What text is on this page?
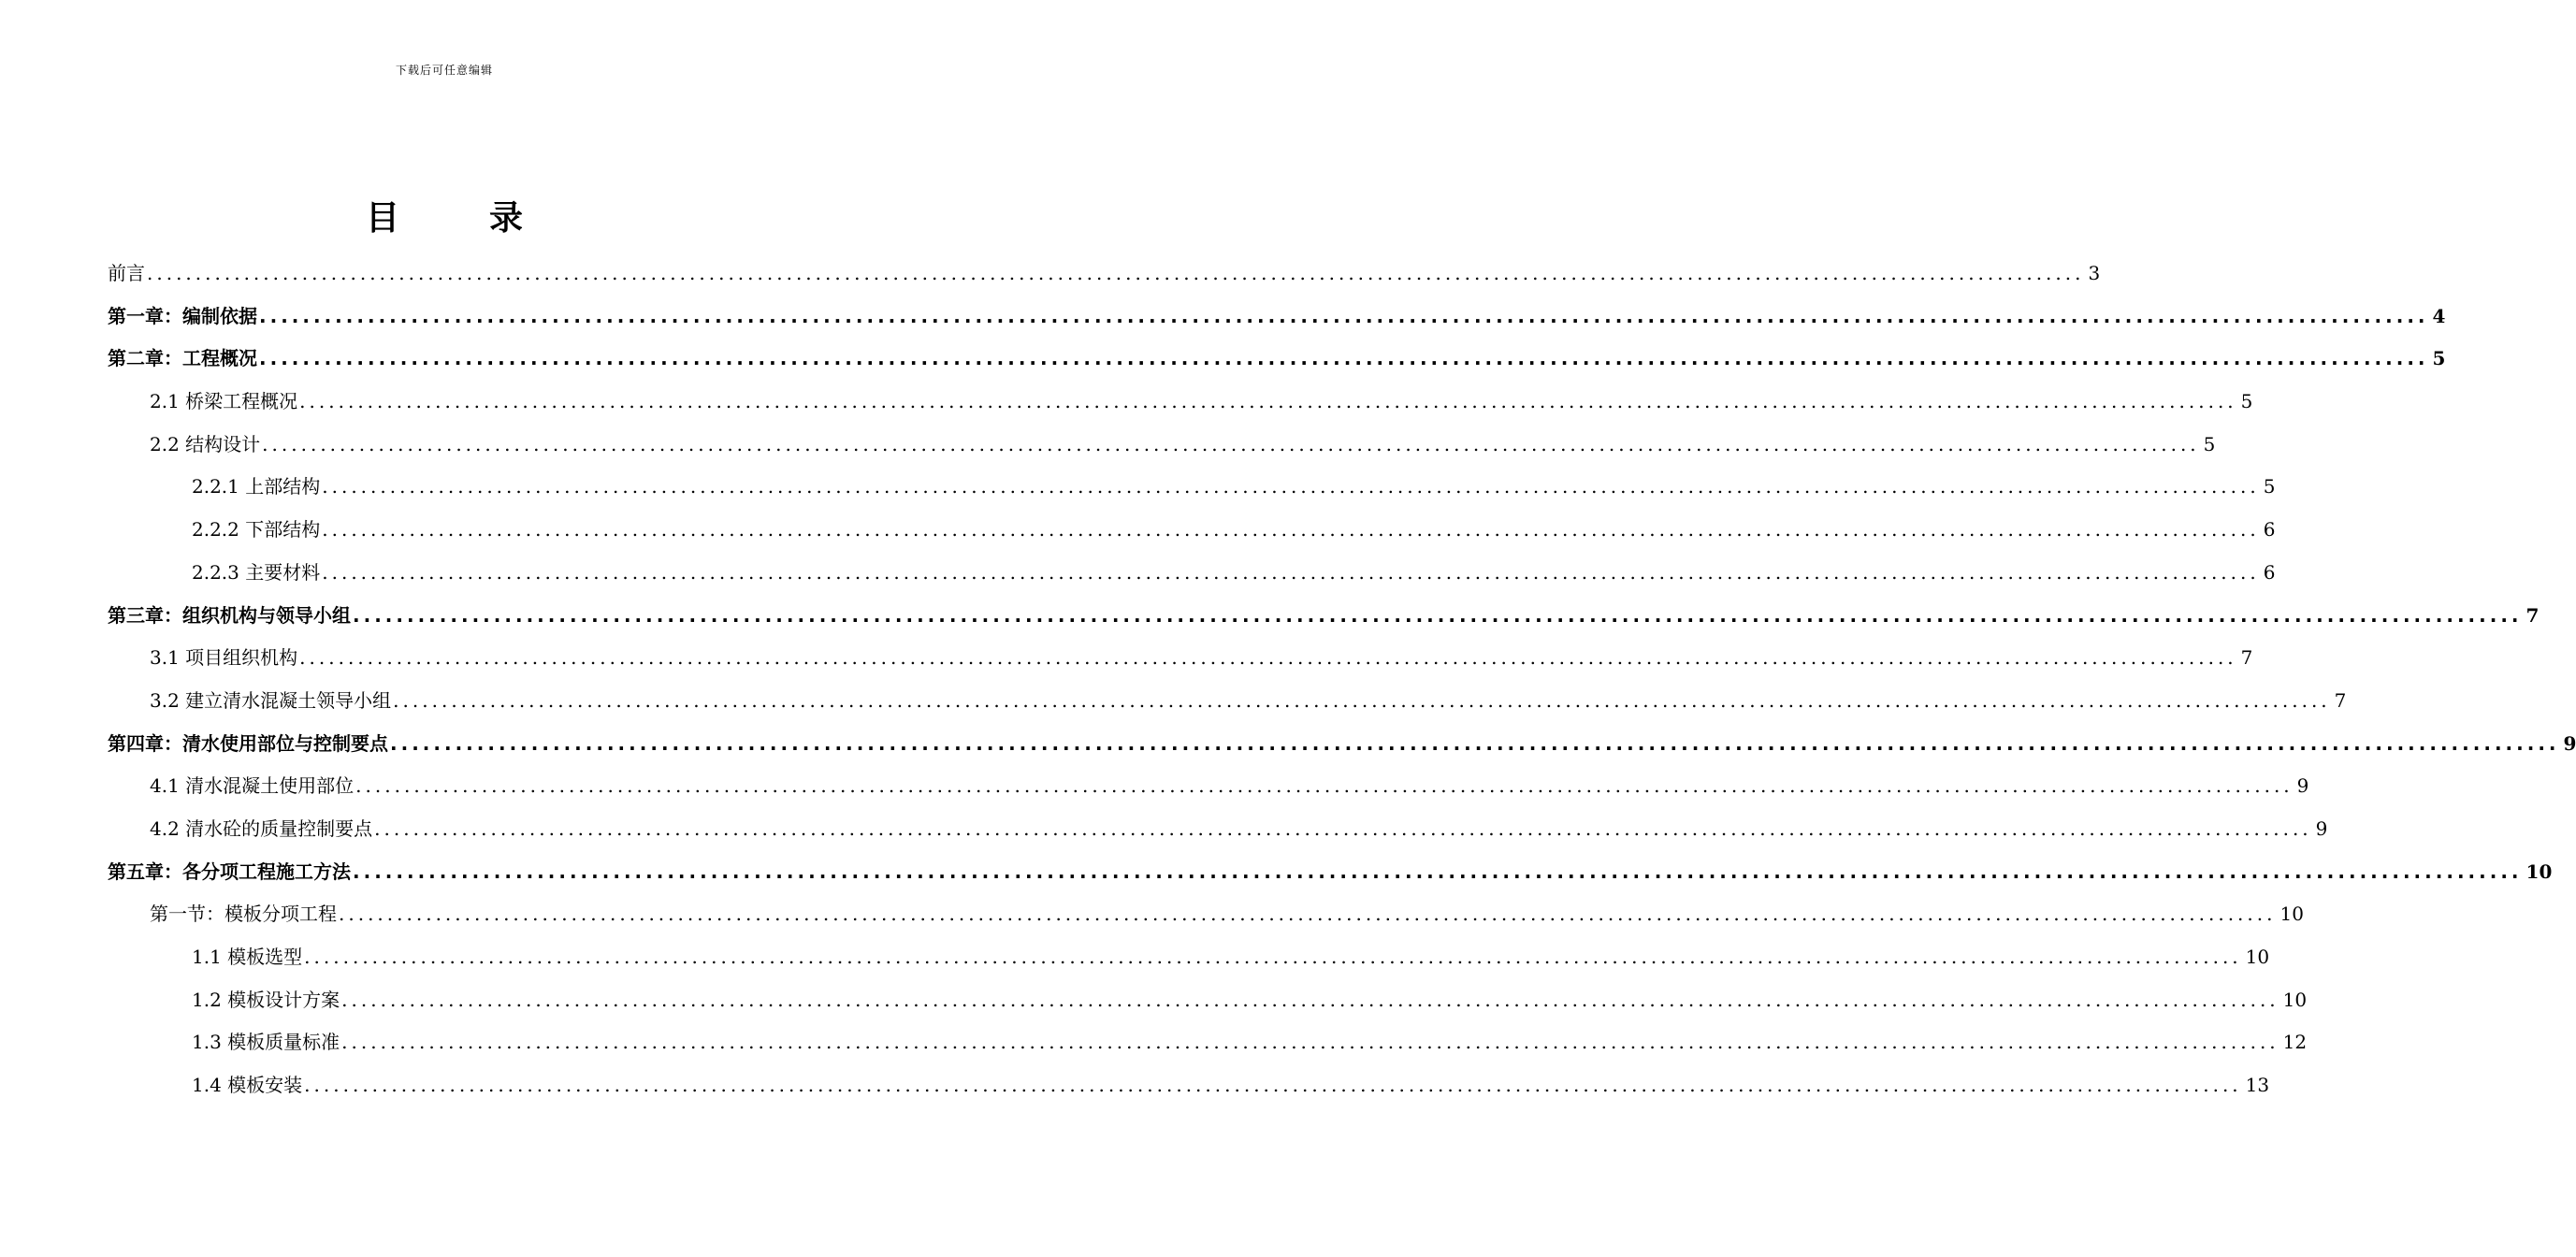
下载后可任意编辑
目	录
前言 ........................................................................................................................................................................................................ 3
第一章：编制依据 ........................................................................................................................................................................................................ 4
第二章：工程概况 ........................................................................................................................................................................................................ 5
2.1 桥梁工程概况 ........................................................................................................................................................................................................ 5
2.2 结构设计 ........................................................................................................................................................................................................ 5
2.2.1 上部结构 ........................................................................................................................................................................................................ 5
2.2.2 下部结构 ........................................................................................................................................................................................................ 6
2.2.3 主要材料 ........................................................................................................................................................................................................ 6
第三章：组织机构与领导小组 ........................................................................................................................................................................................................ 7
3.1 项目组织机构 ........................................................................................................................................................................................................ 7
3.2 建立清水混凝土领导小组 ........................................................................................................................................................................................................ 7
第四章：清水使用部位与控制要点 ........................................................................................................................................................................................................ 9
4.1 清水混凝土使用部位 ........................................................................................................................................................................................................ 9
4.2 清水砼的质量控制要点 ........................................................................................................................................................................................................ 9
第五章：各分项工程施工方法 ........................................................................................................................................................................................................ 10
第一节：模板分项工程 ........................................................................................................................................................................................................ 10
1.1 模板选型 ........................................................................................................................................................................................................ 10
1.2 模板设计方案 ........................................................................................................................................................................................................ 10
1.3 模板质量标准 ........................................................................................................................................................................................................ 12
1.4 模板安装 ........................................................................................................................................................................................................ 13
